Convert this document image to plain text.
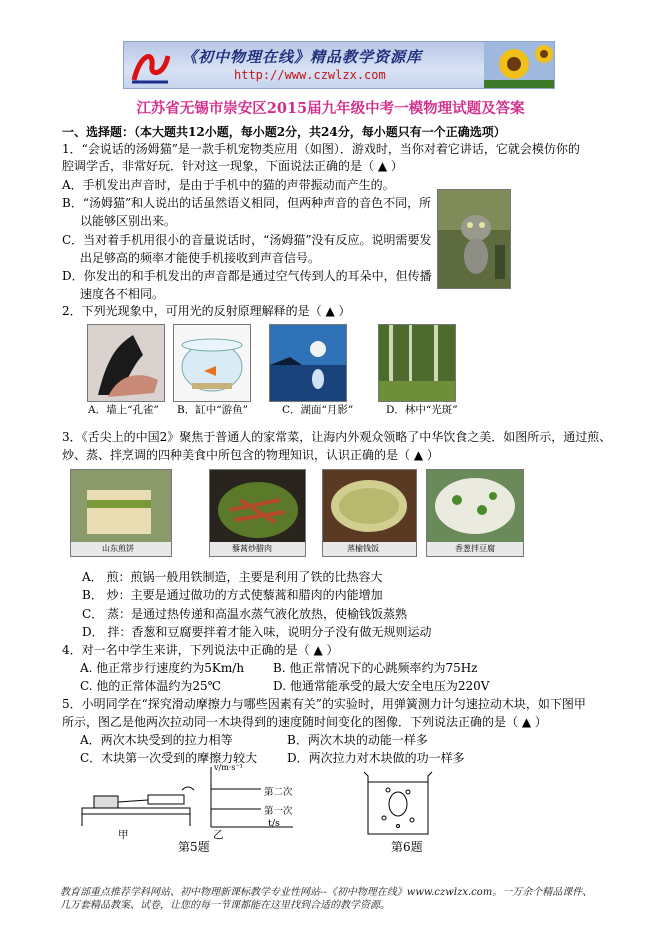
《初中物理在线》精品教学资源库
http://www.czwlzx.com
江苏省无锡市崇安区2015届九年级中考一模物理试题及答案
一、选择题：（本大题共12小题，每小题2分，共24分，每小题只有一个正确选项）
1．“会说话的汤姆猫”是一款手机宠物类应用（如图）．游戏时，当你对着它讲话，它就会模仿你的
腔调学舌，非常好玩．针对这一现象，下面说法正确的是（ ▲ ）
A．手机发出声音时，是由于手机中的猫的声带振动而产生的。
B．“汤姆猫”和人说出的话虽然语义相同，但两种声音的音色不同，所
以能够区别出来。
C．当对着手机用很小的音量说话时，“汤姆猫”没有反应。说明需要发
出足够高的频率才能使手机接收到声音信号。
D．你发出的和手机发出的声音都是通过空气传到人的耳朵中，但传播
速度各不相同。
2．下列光现象中，可用光的反射原理解释的是（ ▲ ）
A．墙上“孔雀” B．缸中“游鱼”	C．湖面“月影”	D．林中“光斑”
3．《舌尖上的中国2》聚焦于普通人的家常菜，让海内外观众领略了中华饮食之美．如图所示，通过煎、
炒、蒸、拌烹调的四种美食中所包含的物理知识，认识正确的是（ ▲ ）
山东煎饼	藜蒿炒腊肉	蒸榆钱饭	香葱拌豆腐
A． 煎：煎锅一般用铁制造，主要是利用了铁的比热容大
B． 炒：主要是通过做功的方式使藜蒿和腊肉的内能增加
C． 蒸：是通过热传递和高温水蒸气液化放热，使榆钱饭蒸熟
D． 拌：香葱和豆腐要拌着才能入味，说明分子没有做无规则运动
4．对一名中学生来讲，下列说法中正确的是（ ▲ ）
A. 他正常步行速度约为5Km/h B. 他正常情况下的心跳频率约为75Hz
C. 他的正常体温约为25℃	D. 他通常能承受的最大安全电压为220V
5．小明同学在“探究滑动摩擦力与哪些因素有关”的实验时，用弹簧测力计匀速拉动木块，如下图甲
所示，图乙是他两次拉动同一木块得到的速度随时间变化的图像．下列说法正确的是（ ▲ ）
A．两次木块受到的拉力相等	B．两次木块的动能一样多
C．木块第一次受到的摩擦力较大 D．两次拉力对木块做的功一样多
甲
v/m·s⁻¹
第二次
第一次
t/s
乙
第5题	第6题
教育部重点推荐学科网站、初中物理新课标教学专业性网站--《初中物理在线》www.czwlzx.com。一万余个精品课件、
几万套精品教案、试卷，让您的每一节课都能在这里找到合适的教学资源。
